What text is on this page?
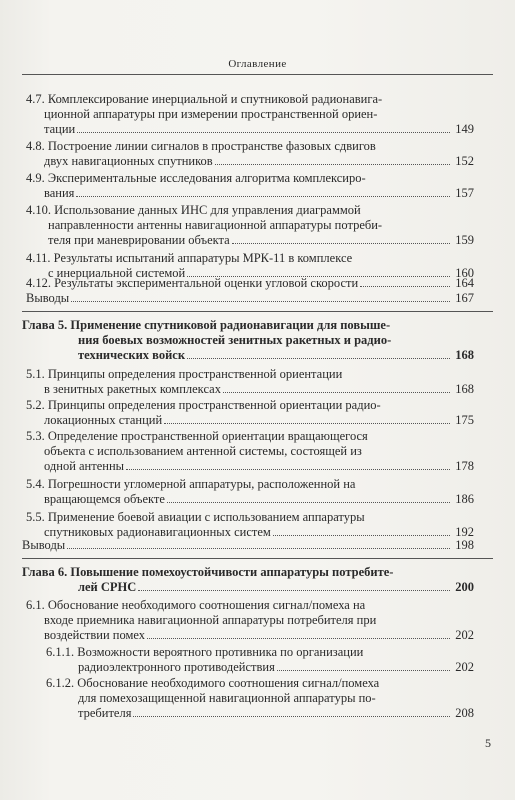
Оглавление
4.7. Комплексирование инерциальной и спутниковой радионавига-
ционной аппаратуры при измерении пространственной ориен-
тации	149
4.8. Построение линии сигналов в пространстве фазовых сдвигов
двух навигационных спутников	152
4.9. Экспериментальные исследования алгоритма комплексиро-
вания	157
4.10. Использование данных ИНС для управления диаграммой
направленности антенны навигационной аппаратуры потреби-
теля при маневрировании объекта	159
4.11. Результаты испытаний аппаратуры МРК-11 в комплексе
с инерциальной системой	160
4.12. Результаты экспериментальной оценки угловой скорости	164
Выводы	167
Глава 5. Применение спутниковой радионавигации для повыше-
ния боевых возможностей зенитных ракетных и радио-
технических войск	168
5.1. Принципы определения пространственной ориентации
в зенитных ракетных комплексах	168
5.2. Принципы определения пространственной ориентации радио-
локационных станций	175
5.3. Определение пространственной ориентации вращающегося
объекта с использованием антенной системы, состоящей из
одной антенны	178
5.4. Погрешности угломерной аппаратуры, расположенной на
вращающемся объекте	186
5.5. Применение боевой авиации с использованием аппаратуры
спутниковых радионавигационных систем	192
Выводы	198
Глава 6. Повышение помехоустойчивости аппаратуры потребите-
лей СРНС	200
6.1. Обоснование необходимого соотношения сигнал/помеха на
входе приемника навигационной аппаратуры потребителя при
воздействии помех	202
6.1.1. Возможности вероятного противника по организации
радиоэлектронного противодействия	202
6.1.2. Обоснование необходимого соотношения сигнал/помеха
для помехозащищенной навигационной аппаратуры по-
требителя	208
5
